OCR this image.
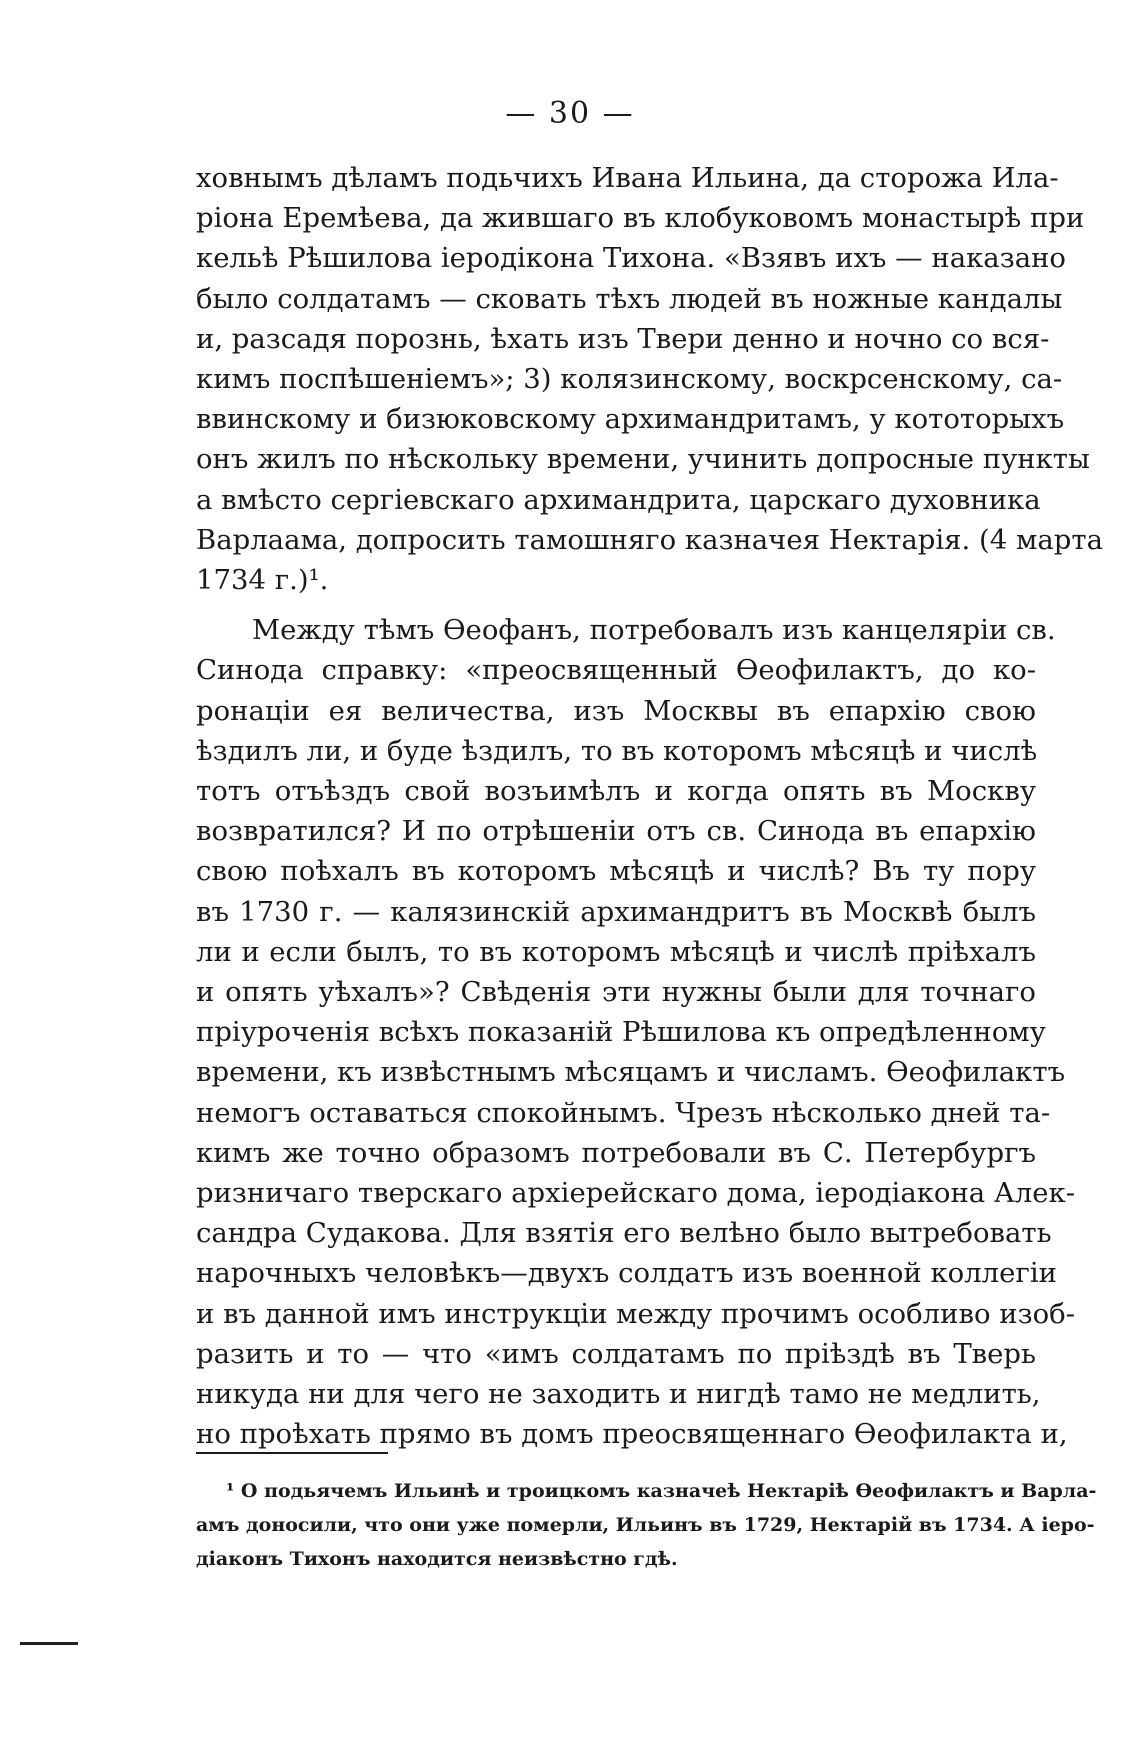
— 30 —
ховнымъ дѣламъ подьчихъ Ивана Ильина, да сторожа Ила-
ріона Еремѣева, да жившаго въ клобуковомъ монастырѣ при
кельѣ Рѣшилова іеродікона Тихона. «Взявъ ихъ — наказано
было солдатамъ — сковать тѣхъ людей въ ножные кандалы
и, разсадя порознь, ѣхать изъ Твери денно и ночно со вся-
кимъ поспѣшеніемъ»; 3) колязинскому, воскрсенскому, са-
ввинскому и бизюковскому архимандритамъ, у кототорыхъ
онъ жилъ по нѣскольку времени, учинить допросные пункты
а вмѣсто сергіевскаго архимандрита, царскаго духовника
Варлаама, допросить тамошняго казначея Нектарія. (4 марта
1734 г.)¹.
Между тѣмъ Ѳеофанъ, потребовалъ изъ канцеляріи св.
Синода справку: «преосвященный Ѳеофилактъ, до ко-
ронаціи ея величества, изъ Москвы въ епархію свою
ѣздилъ ли, и буде ѣздилъ, то въ которомъ мѣсяцѣ и числѣ
тотъ отъѣздъ свой возъимѣлъ и когда опять въ Москву
возвратился? И по отрѣшеніи отъ св. Синода въ епархію
свою поѣхалъ въ которомъ мѣсяцѣ и числѣ? Въ ту пору
въ 1730 г. — калязинскій архимандритъ въ Москвѣ былъ
ли и если былъ, то въ которомъ мѣсяцѣ и числѣ пріѣхалъ
и опять уѣхалъ»? Свѣденія эти нужны были для точнаго
пріуроченія всѣхъ показаній Рѣшилова къ опредѣленному
времени, къ извѣстнымъ мѣсяцамъ и числамъ. Ѳеофилактъ
немогъ оставаться спокойнымъ. Чрезъ нѣсколько дней та-
кимъ же точно образомъ потребовали въ С. Петербургъ
ризничаго тверскаго архіерейскаго дома, іеродіакона Алек-
сандра Судакова. Для взятія его велѣно было вытребовать
нарочныхъ человѣкъ—двухъ солдатъ изъ военной коллегіи
и въ данной имъ инструкціи между прочимъ особливо изоб-
разить и то — что «имъ солдатамъ по пріѣздѣ въ Тверь
никуда ни для чего не заходить и нигдѣ тамо не медлить,
но проѣхать прямо въ домъ преосвященнаго Ѳеофилакта и,
¹ О подьячемъ Ильинѣ и троицкомъ казначеѣ Нектаріѣ Ѳеофилактъ и Варла-
амъ доносили, что они уже померли, Ильинъ въ 1729, Нектарій въ 1734. А іеро-
діаконъ Тихонъ находится неизвѣстно гдѣ.
